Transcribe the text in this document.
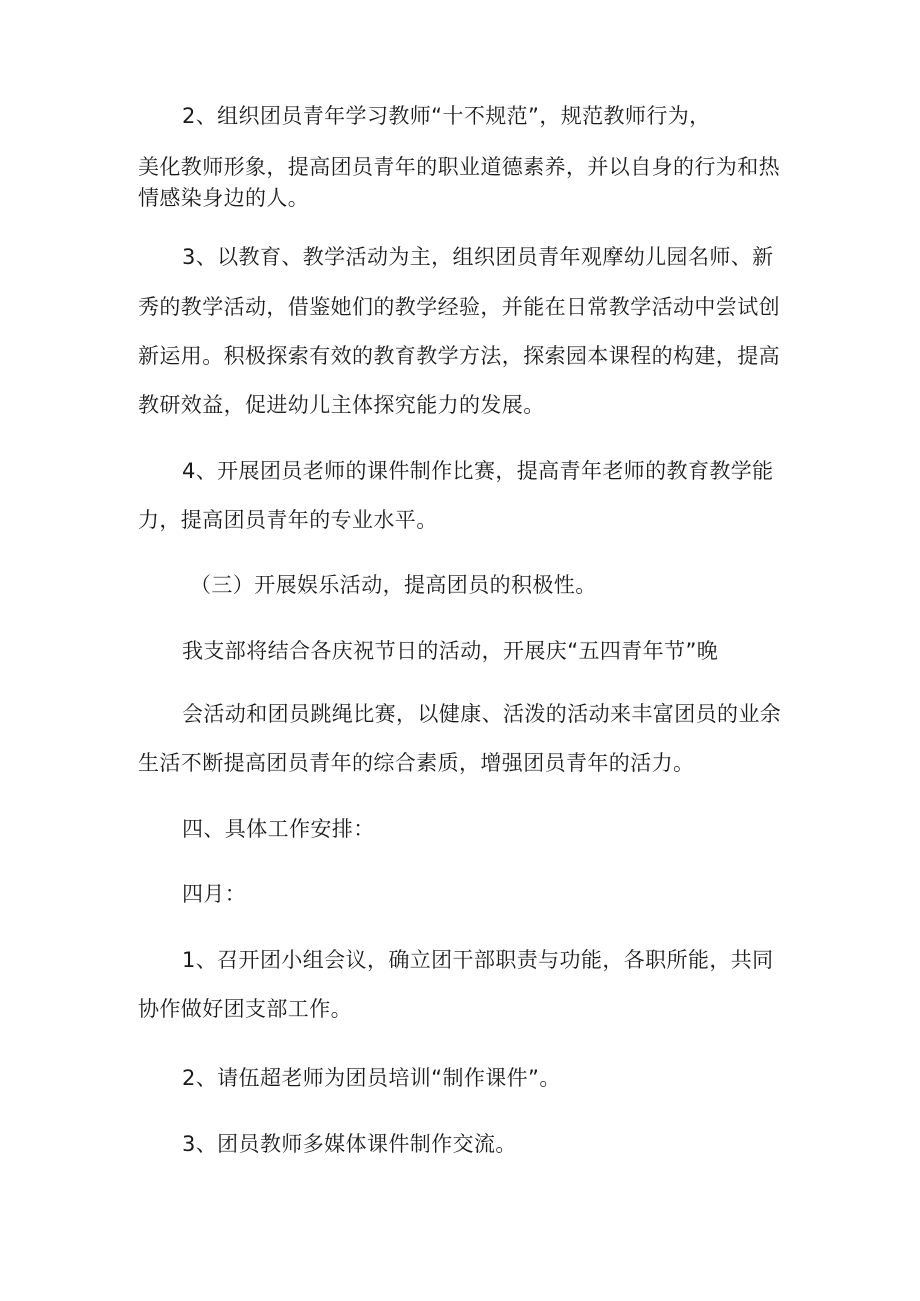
2、组织团员青年学习教师“十不规范”，规范教师行为，
美化教师形象，提高团员青年的职业道德素养，并以自身的行为和热
情感染身边的人。
3、以教育、教学活动为主，组织团员青年观摩幼儿园名师、新
秀的教学活动，借鉴她们的教学经验，并能在日常教学活动中尝试创
新运用。积极探索有效的教育教学方法，探索园本课程的构建，提高
教研效益，促进幼儿主体探究能力的发展。
4、开展团员老师的课件制作比赛，提高青年老师的教育教学能
力，提高团员青年的专业水平。
（三）开展娱乐活动，提高团员的积极性。
我支部将结合各庆祝节日的活动，开展庆“五四青年节”晚
会活动和团员跳绳比赛，以健康、活泼的活动来丰富团员的业余
生活不断提高团员青年的综合素质，增强团员青年的活力。
四、具体工作安排：
四月：
1、召开团小组会议，确立团干部职责与功能，各职所能，共同
协作做好团支部工作。
2、请伍超老师为团员培训“制作课件”。
3、团员教师多媒体课件制作交流。
